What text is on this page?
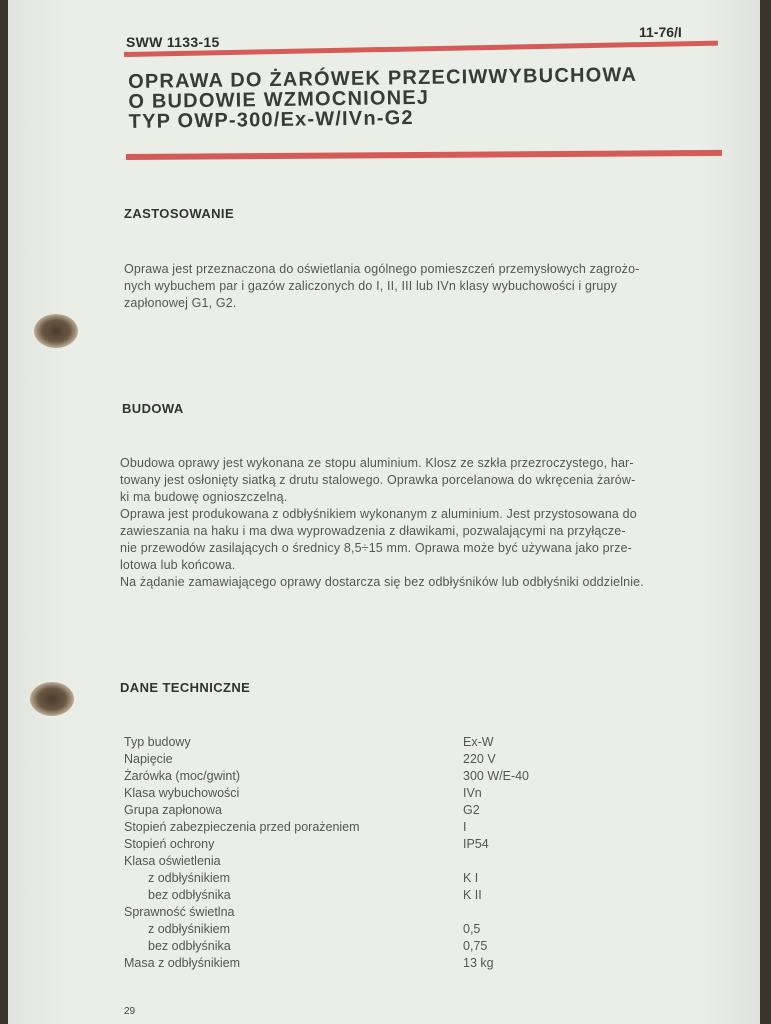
SWW 1133-15
11-76/I
OPRAWA DO ŻARÓWEK PRZECIWWYBUCHOWA
O BUDOWIE WZMOCNIONEJ
TYP OWP-300/Ex-W/IVn-G2
ZASTOSOWANIE
Oprawa jest przeznaczona do oświetlania ogólnego pomieszczeń przemysłowych zagrożo-
nych wybuchem par i gazów zaliczonych do I, II, III lub IVn klasy wybuchowości i grupy
zapłonowej G1, G2.
BUDOWA
Obudowa oprawy jest wykonana ze stopu aluminium. Klosz ze szkła przezroczystego, har-
towany jest osłonięty siatką z drutu stalowego. Oprawka porcelanowa do wkręcenia żarów-
ki ma budowę ognioszczelną.
Oprawa jest produkowana z odbłyśnikiem wykonanym z aluminium. Jest przystosowana do
zawieszania na haku i ma dwa wyprowadzenia z dławikami, pozwalającymi na przyłącze-
nie przewodów zasilających o średnicy 8,5÷15 mm. Oprawa może być używana jako prze-
lotowa lub końcowa.
Na żądanie zamawiającego oprawy dostarcza się bez odbłyśników lub odbłyśniki oddzielnie.
DANE TECHNICZNE
Typ budowy	Ex-W
Napięcie	220 V
Żarówka (moc/gwint)	300 W/E-40
Klasa wybuchowości	IVn
Grupa zapłonowa	G2
Stopień zabezpieczenia przed porażeniem	I
Stopień ochrony	IP54
Klasa oświetlenia
z odbłyśnikiem	K I
bez odbłyśnika	K II
Sprawność świetlna
z odbłyśnikiem	0,5
bez odbłyśnika	0,75
Masa z odbłyśnikiem	13 kg
29
